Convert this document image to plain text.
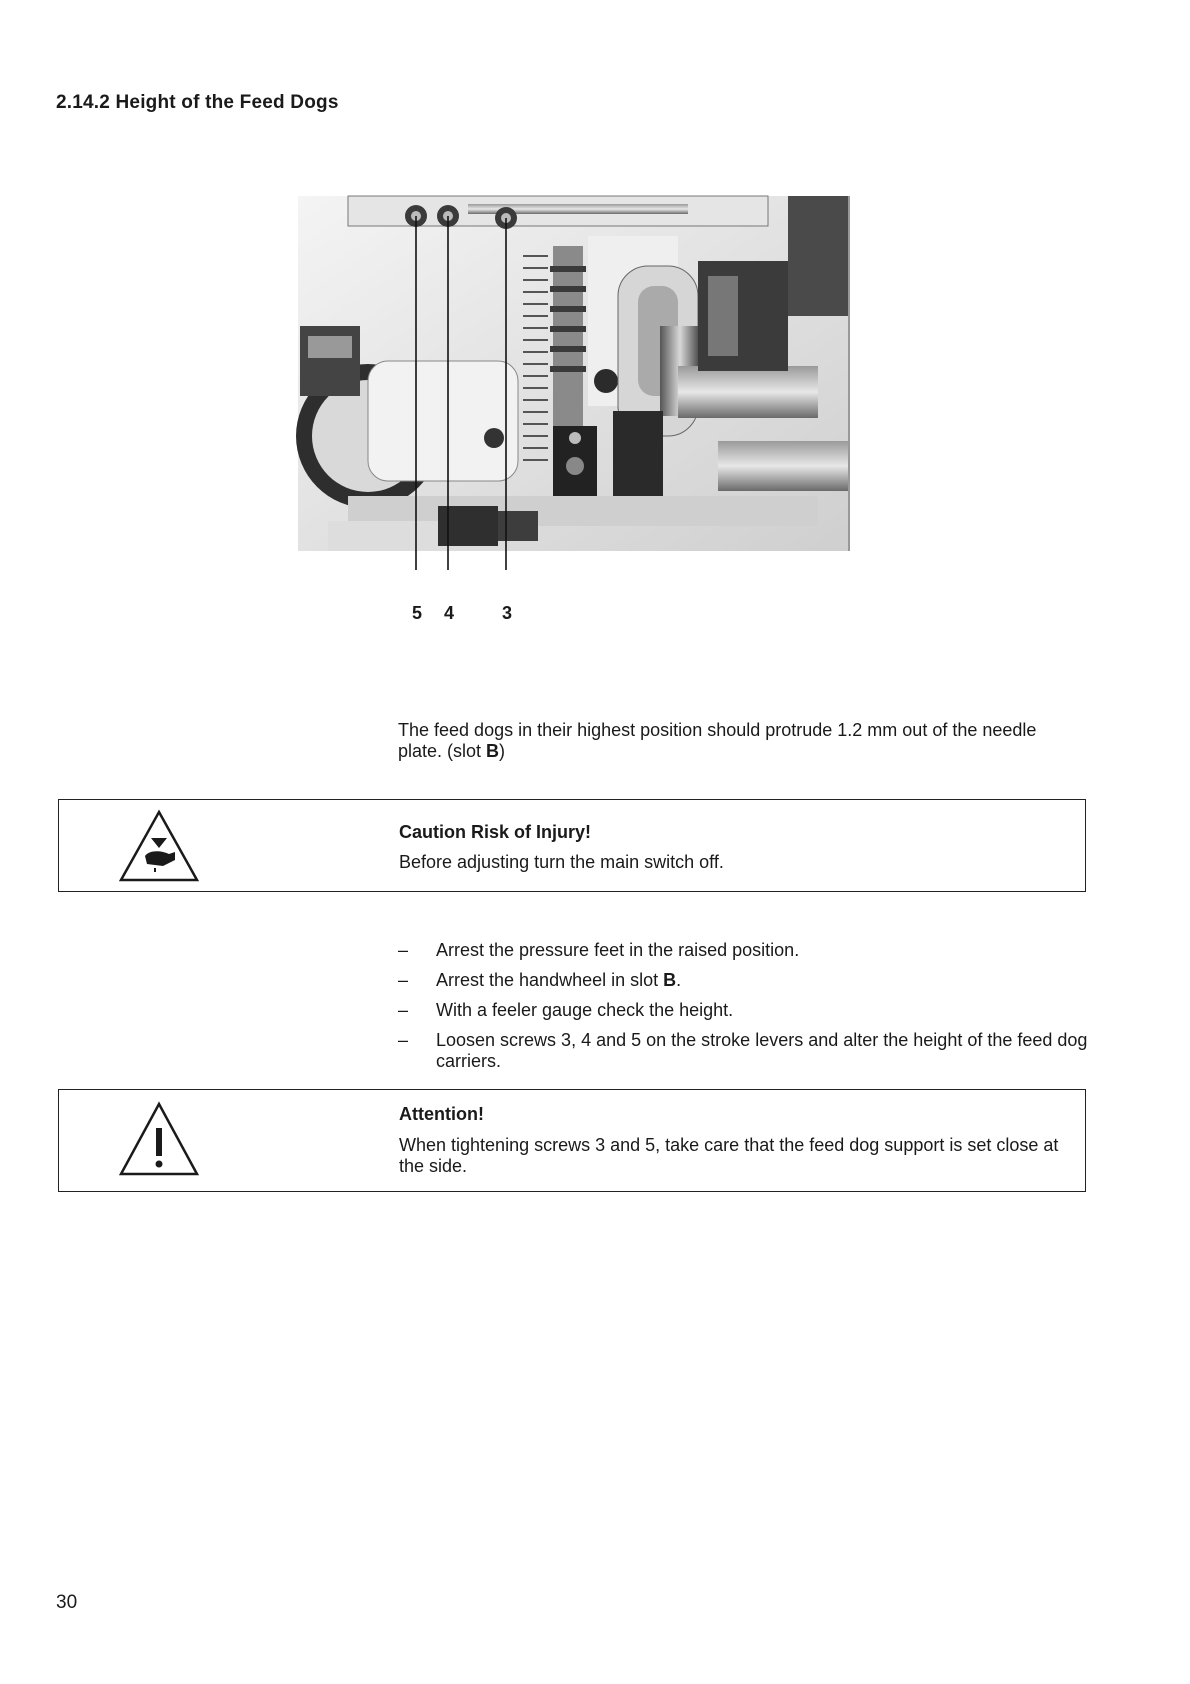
2.14.2 Height of the Feed Dogs
5 4	3
The feed dogs in their highest position should protrude 1.2 mm out of the needle plate. (slot B)
Caution Risk of Injury!
Before adjusting turn the main switch off.
– Arrest the pressure feet in the raised position.
– Arrest the handwheel in slot B.
– With a feeler gauge check the height.
– Loosen screws 3, 4 and 5 on the stroke levers and alter the height of the feed dog carriers.
Attention!
When tightening screws 3 and 5, take care that the feed dog support is set close at the side.
30
